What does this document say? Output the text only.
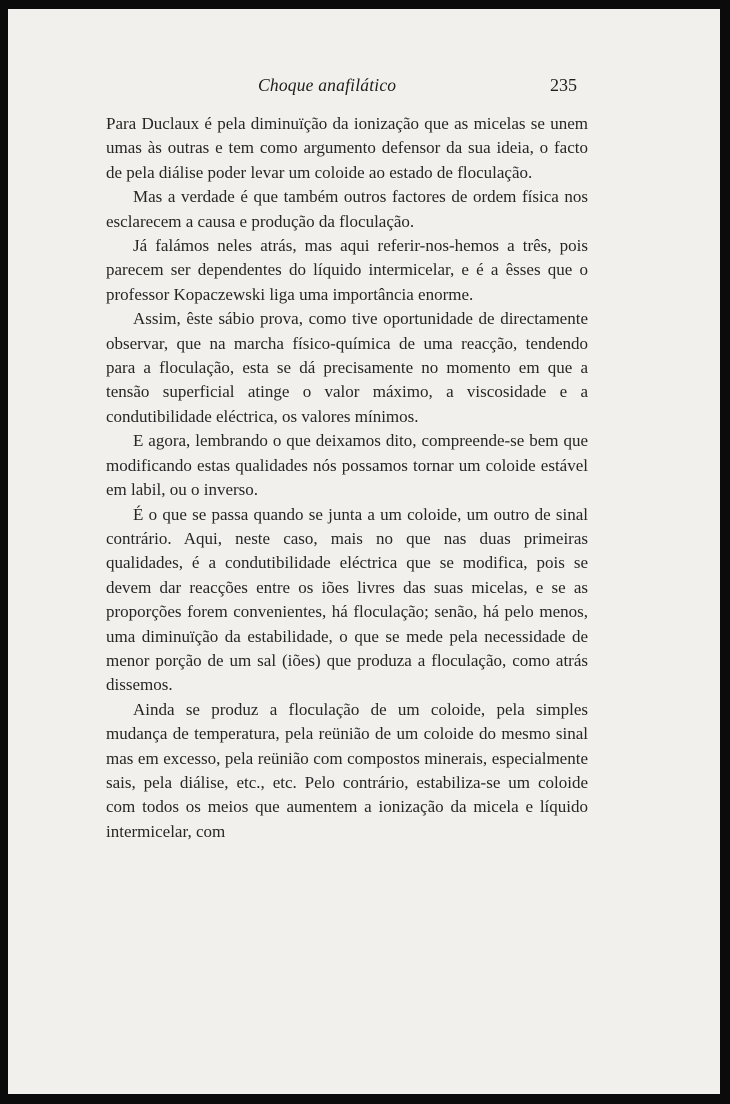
Choque anafilático	235

Para Duclaux é pela diminuïção da ionização que as micelas se unem umas às outras e tem como argumento defensor da sua ideia, o facto de pela diálise poder levar um coloide ao estado de floculação.

Mas a verdade é que também outros factores de ordem física nos esclarecem a causa e produção da floculação.

Já falámos neles atrás, mas aqui referir-nos-hemos a três, pois parecem ser dependentes do líquido intermicelar, e é a êsses que o professor Kopaczewski liga uma importância enorme.

Assim, êste sábio prova, como tive oportunidade de directamente observar, que na marcha físico-química de uma reacção, tendendo para a floculação, esta se dá precisamente no momento em que a tensão superficial atinge o valor máximo, a viscosidade e a condutibilidade eléctrica, os valores mínimos.

E agora, lembrando o que deixamos dito, compreende-se bem que modificando estas qualidades nós possamos tornar um coloide estável em labil, ou o inverso.

É o que se passa quando se junta a um coloide, um outro de sinal contrário. Aqui, neste caso, mais no que nas duas primeiras qualidades, é a condutibilidade eléctrica que se modifica, pois se devem dar reacções entre os iões livres das suas micelas, e se as proporções forem convenientes, há floculação; senão, há pelo menos, uma diminuïção da estabilidade, o que se mede pela necessidade de menor porção de um sal (iões) que produza a floculação, como atrás dissemos.

Ainda se produz a floculação de um coloide, pela simples mudança de temperatura, pela reünião de um coloide do mesmo sinal mas em excesso, pela reünião com compostos minerais, especialmente sais, pela diálise, etc., etc. Pelo contrário, estabiliza-se um coloide com todos os meios que aumentem a ionização da micela e líquido intermicelar, com
